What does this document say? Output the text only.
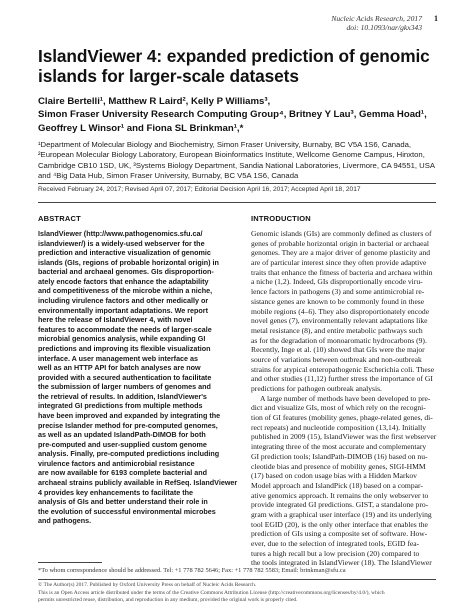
Nucleic Acids Research, 2017
doi: 10.1093/nar/gkx343
1
IslandViewer 4: expanded prediction of genomic islands for larger-scale datasets
Claire Bertelli¹, Matthew R Laird², Kelly P Williams³,
Simon Fraser University Research Computing Group⁴, Britney Y Lau³, Gemma Hoad¹,
Geoffrey L Winsor¹ and Fiona SL Brinkman¹,*
¹Department of Molecular Biology and Biochemistry, Simon Fraser University, Burnaby, BC V5A 1S6, Canada,
²European Molecular Biology Laboratory, European Bioinformatics Institute, Wellcome Genome Campus, Hinxton,
Cambridge CB10 1SD, UK, ³Systems Biology Department, Sandia National Laboratories, Livermore, CA 94551, USA
and ⁴Big Data Hub, Simon Fraser University, Burnaby, BC V5A 1S6, Canada
Received February 24, 2017; Revised April 07, 2017; Editorial Decision April 16, 2017; Accepted April 18, 2017
ABSTRACT
IslandViewer (http://www.pathogenomics.sfu.ca/
islandviewer/) is a widely-used webserver for the
prediction and interactive visualization of genomic
islands (GIs, regions of probable horizontal origin) in
bacterial and archaeal genomes. GIs disproportion-
ately encode factors that enhance the adaptability
and competitiveness of the microbe within a niche,
including virulence factors and other medically or
environmentally important adaptations. We report
here the release of IslandViewer 4, with novel
features to accommodate the needs of larger-scale
microbial genomics analysis, while expanding GI
predictions and improving its flexible visualization
interface. A user management web interface as
well as an HTTP API for batch analyses are now
provided with a secured authentication to facilitate
the submission of larger numbers of genomes and
the retrieval of results. In addition, IslandViewer's
integrated GI predictions from multiple methods
have been improved and expanded by integrating the
precise Islander method for pre-computed genomes,
as well as an updated IslandPath-DIMOB for both
pre-computed and user-supplied custom genome
analysis. Finally, pre-computed predictions including
virulence factors and antimicrobial resistance
are now available for 6193 complete bacterial and
archaeal strains publicly available in RefSeq. IslandViewer
4 provides key enhancements to facilitate the
analysis of GIs and better understand their role in
the evolution of successful environmental microbes
and pathogens.
INTRODUCTION
Genomic islands (GIs) are commonly defined as clusters of
genes of probable horizontal origin in bacterial or archaeal
genomes. They are a major driver of genome plasticity and
are of particular interest since they often provide adaptive
traits that enhance the fitness of bacteria and archaea within
a niche (1,2). Indeed, GIs disproportionally encode viru-
lence factors in pathogens (3) and some antimicrobial re-
sistance genes are known to be commonly found in these
mobile regions (4–6). They also disproportionately encode
novel genes (7), environmentally relevant adaptations like
metal resistance (8), and entire metabolic pathways such
as for the degradation of monoaromatic hydrocarbons (9).
Recently, Inge et al. (10) showed that GIs were the major
source of variations between outbreak and non-outbreak
strains for atypical enteropathogenic Escherichia coli. These
and other studies (11,12) further stress the importance of GI
predictions for pathogen outbreak analysis.
A large number of methods have been developed to pre-
dict and visualize GIs, most of which rely on the recogni-
tion of GI features (mobility genes, phage-related genes, di-
rect repeats) and nucleotide composition (13,14). Initially
published in 2009 (15), IslandViewer was the first webserver
integrating three of the most accurate and complementary
GI prediction tools; IslandPath-DIMOB (16) based on nu-
cleotide bias and presence of mobility genes, SIGI-HMM
(17) based on codon usage bias with a Hidden Markov
Model approach and IslandPick (18) based on a compar-
ative genomics approach. It remains the only webserver to
provide integrated GI predictions. GIST, a standalone pro-
gram with a graphical user interface (19) and its underlying
tool EGID (20), is the only other interface that enables the
prediction of GIs using a composite set of software. How-
ever, due to the selection of integrated tools, EGID fea-
tures a high recall but a low precision (20) compared to
the tools integrated in IslandViewer (18). The IslandViewer
*To whom correspondence should be addressed. Tel: +1 778 782 5646; Fax: +1 778 782 5583; Email: brinkman@sfu.ca
© The Author(s) 2017. Published by Oxford University Press on behalf of Nucleic Acids Research.
This is an Open Access article distributed under the terms of the Creative Commons Attribution License (http://creativecommons.org/licenses/by/4.0/), which
permits unrestricted reuse, distribution, and reproduction in any medium, provided the original work is properly cited.
